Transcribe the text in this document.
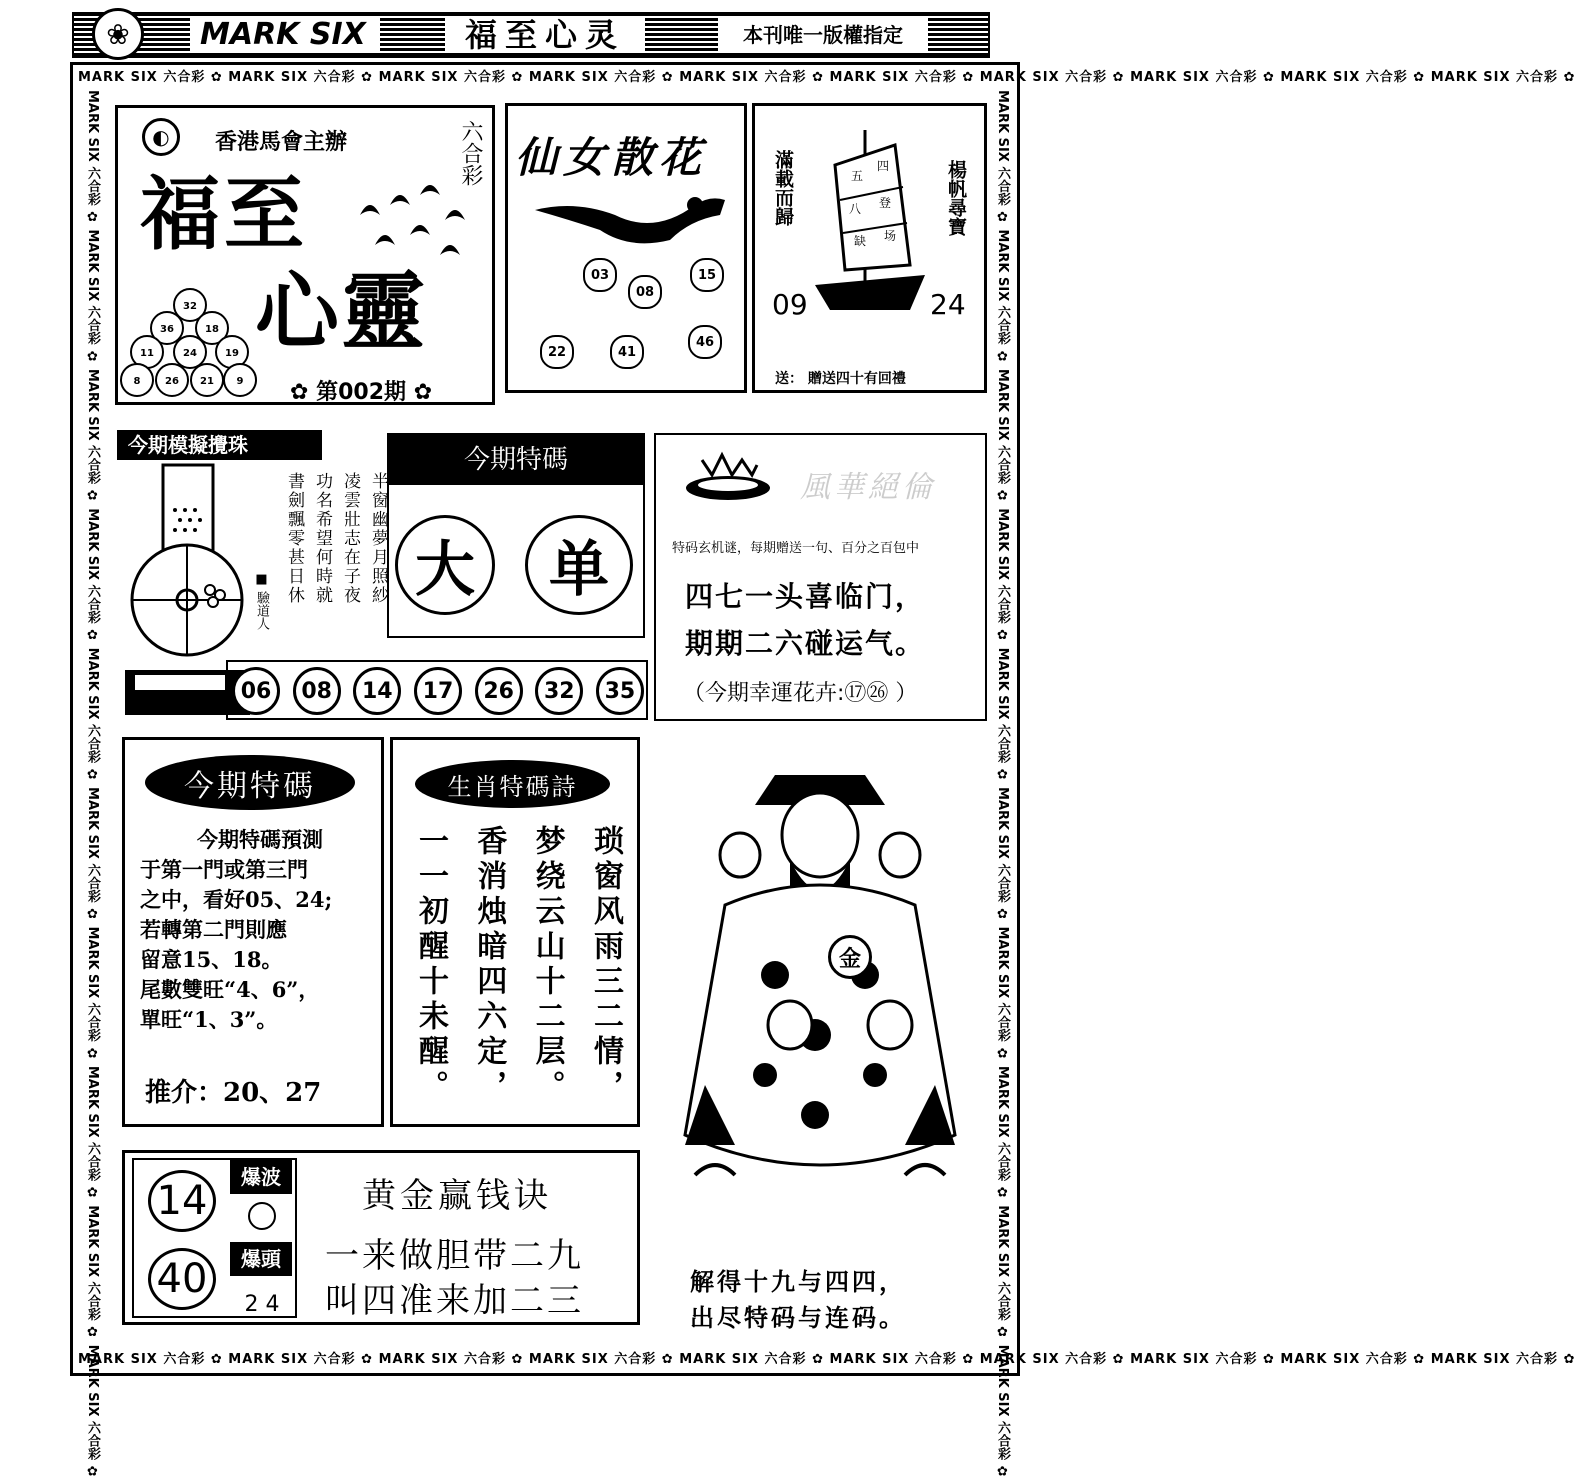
❀	MARK SIX	福至心灵	本刊唯一版權指定
MARK SIX 六合彩 ✿ MARK SIX 六合彩 ✿ MARK SIX 六合彩 ✿ MARK SIX 六合彩 ✿ MARK SIX 六合彩 ✿ MARK SIX 六合彩 ✿ MARK SIX 六合彩 ✿ MARK SIX 六合彩 ✿ MARK SIX 六合彩 ✿ MARK SIX 六合彩 ✿
MARK SIX 六合彩 ✿ MARK SIX 六合彩 ✿ MARK SIX 六合彩 ✿ MARK SIX 六合彩 ✿ MARK SIX 六合彩 ✿ MARK SIX 六合彩 ✿ MARK SIX 六合彩 ✿ MARK SIX 六合彩 ✿ MARK SIX 六合彩 ✿ MARK SIX 六合彩 ✿
MARK SIX 六合彩 ✿ MARK SIX 六合彩 ✿ MARK SIX 六合彩 ✿ MARK SIX 六合彩 ✿ MARK SIX 六合彩 ✿ MARK SIX 六合彩 ✿ MARK SIX 六合彩 ✿ MARK SIX 六合彩 ✿ MARK SIX 六合彩 ✿ MARK SIX 六合彩 ✿	MARK SIX 六合彩 ✿ MARK SIX 六合彩 ✿ MARK SIX 六合彩 ✿ MARK SIX 六合彩 ✿ MARK SIX 六合彩 ✿ MARK SIX 六合彩 ✿ MARK SIX 六合彩 ✿ MARK SIX 六合彩 ✿ MARK SIX 六合彩 ✿ MARK SIX 六合彩 ✿
◐	香港馬會主辦	六合彩
福至
心靈
32
36	18
11	24	19
8 26 21 9 ✿ 第002期 ✿
仙女散花
03	15
08
22	41
46
滿載而歸	楊帆尋寶
五
四
八 登
缺 场
09	24
送： 贈送四十有回禮
今期模擬攪珠
半窗幽夢月照紗
凌雲壯志在子夜
功名希望何時就
書劍飄零甚日休
■ 驗道人
今期特碼
大	单
06	08	14	17	26	32	35
風華絕倫
特码玄机谜，每期赠送一句、百分之百包中
四七一头喜临门，
期期二六碰运气。
（今期幸運花卉:⑰㉖ ）
今期特碼
今期特碼預測
于第一門或第三門
之中，看好05、24;
若轉第二門則應
留意15、18。
尾數雙旺“4、6”，
單旺“1、3”。
推介：20、27
生肖特碼詩
琐窗风雨三二情，
梦绕云山十二层。
香消烛暗四六定，
一一初醒十未醒。	金
解得十九与四四，
出尽特码与连码。
14
40
爆波
爆頭
2 4
黄金赢钱诀
一来做胆带二九
叫四准来加二三
